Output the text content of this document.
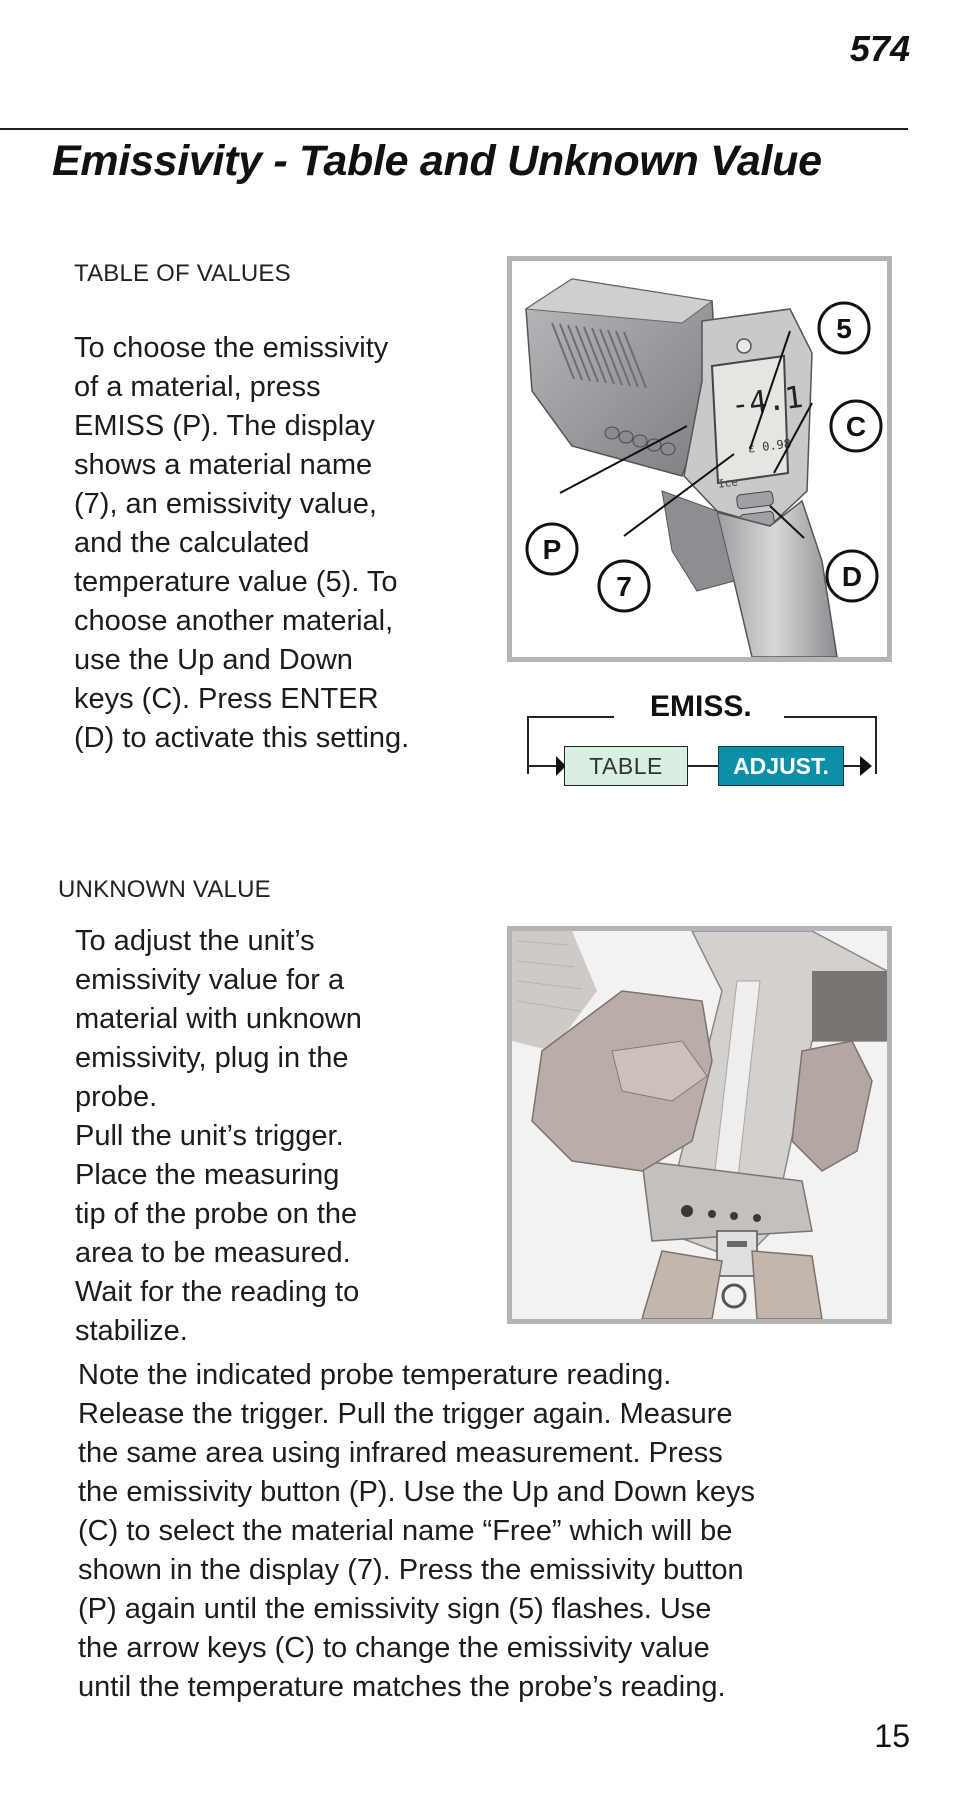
574
Emissivity - Table and Unknown Value
TABLE OF VALUES

To choose the emissivity
of a material, press
EMISS (P). The display
shows a material name
(7), an emissivity value,
and the calculated
temperature value (5). To
choose another material,
use the Up and Down
keys (C). Press ENTER
(D) to activate this setting.

-4.1
ε 0.98
Ice
5
C
P
7	D
EMISS.
TABLE	ADJUST.
UNKNOWN VALUE

To adjust the unit’s
emissivity value for a
material with unknown
emissivity, plug in the
probe.
Pull the unit’s trigger.
Place the measuring
tip of the probe on the
area to be measured.
Wait for the reading to
stabilize.

Note the indicated probe temperature reading.
Release the trigger. Pull the trigger again. Measure
the same area using infrared measurement. Press
the emissivity button (P). Use the Up and Down keys
(C) to select the material name “Free” which will be
shown in the display (7). Press the emissivity button
(P) again until the emissivity sign (5) flashes. Use
the arrow keys (C) to change the emissivity value
until the temperature matches the probe’s reading.

15
